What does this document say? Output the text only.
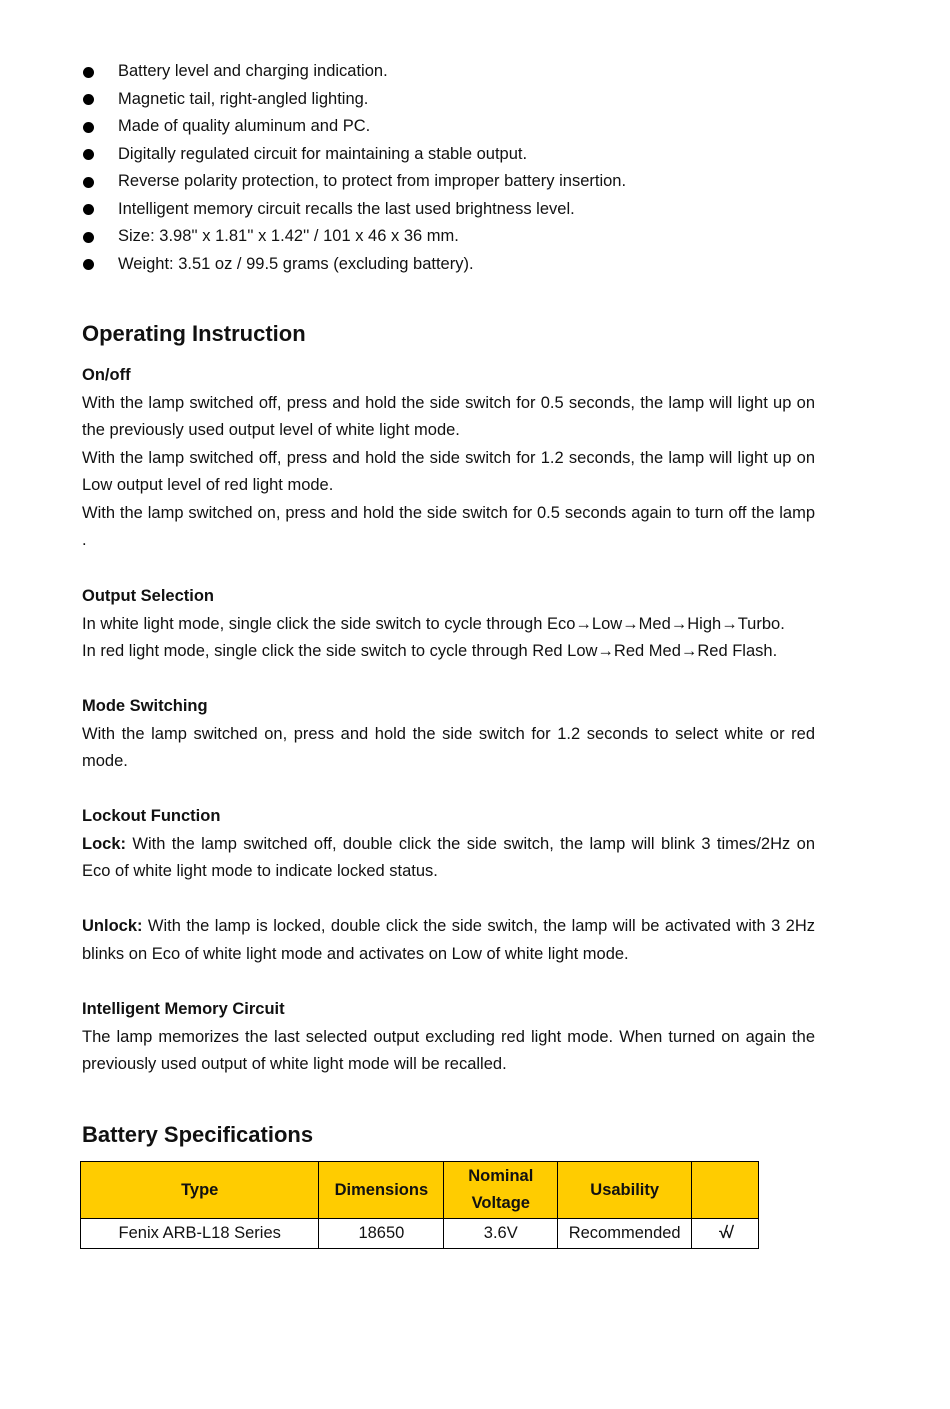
Battery level and charging indication.
Magnetic tail, right-angled lighting.
Made of quality aluminum and PC.
Digitally regulated circuit for maintaining a stable output.
Reverse polarity protection, to protect from improper battery insertion.
Intelligent memory circuit recalls the last used brightness level.
Size: 3.98'' x 1.81'' x 1.42'' / 101 x 46 x 36 mm.
Weight: 3.51 oz / 99.5 grams (excluding battery).
Operating Instruction
On/off

With the lamp switched off, press and hold the side switch for 0.5 seconds, the lamp will light up on the previously used output level of white light mode.

With the lamp switched off, press and hold the side switch for 1.2 seconds, the lamp will light up on Low output level of red light mode.

With the lamp switched on, press and hold the side switch for 0.5 seconds again to turn off the lamp .

Output Selection

In white light mode, single click the side switch to cycle through Eco→Low→Med→High→Turbo.

In red light mode, single click the side switch to cycle through Red Low→Red Med→Red Flash.

Mode Switching

With the lamp switched on, press and hold the side switch for 1.2 seconds to select white or red mode.

Lockout Function

Lock: With the lamp switched off, double click the side switch, the lamp will blink 3 times/2Hz on Eco of white light mode to indicate locked status.

Unlock: With the lamp is locked, double click the side switch, the lamp will be activated with 3 2Hz blinks on Eco of white light mode and activates on Low of white light mode.

Intelligent Memory Circuit

The lamp memorizes the last selected output excluding red light mode. When turned on again the previously used output of white light mode will be recalled.

Battery Specifications
Type	Dimensions	Nominal Voltage	Usability	
Fenix ARB-L18 Series	18650	3.6V	Recommended	√√
